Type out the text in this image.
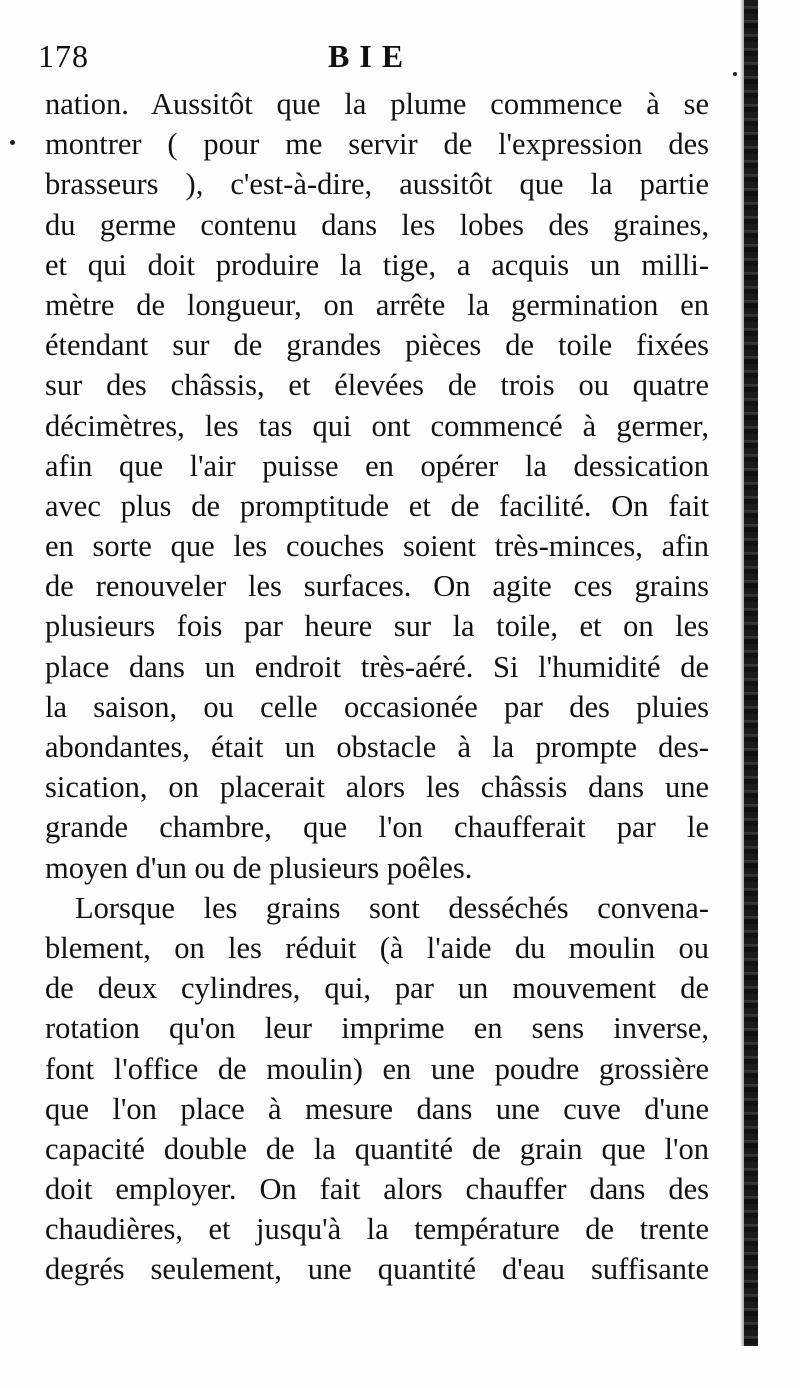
178	BIE
nation. Aussitôt que la plume commence à se
montrer ( pour me servir de l'expression des
brasseurs ), c'est-à-dire, aussitôt que la partie
du germe contenu dans les lobes des graines,
et qui doit produire la tige, a acquis un milli-
mètre de longueur, on arrête la germination en
étendant sur de grandes pièces de toile fixées
sur des châssis, et élevées de trois ou quatre
décimètres, les tas qui ont commencé à germer,
afin que l'air puisse en opérer la dessication
avec plus de promptitude et de facilité. On fait
en sorte que les couches soient très-minces, afin
de renouveler les surfaces. On agite ces grains
plusieurs fois par heure sur la toile, et on les
place dans un endroit très-aéré. Si l'humidité de
la saison, ou celle occasionée par des pluies
abondantes, était un obstacle à la prompte des-
sication, on placerait alors les châssis dans une
grande chambre, que l'on chaufferait par le
moyen d'un ou de plusieurs poêles.
Lorsque les grains sont desséchés convena-
blement, on les réduit (à l'aide du moulin ou
de deux cylindres, qui, par un mouvement de
rotation qu'on leur imprime en sens inverse,
font l'office de moulin) en une poudre grossière
que l'on place à mesure dans une cuve d'une
capacité double de la quantité de grain que l'on
doit employer. On fait alors chauffer dans des
chaudières, et jusqu'à la température de trente
degrés seulement, une quantité d'eau suffisante
